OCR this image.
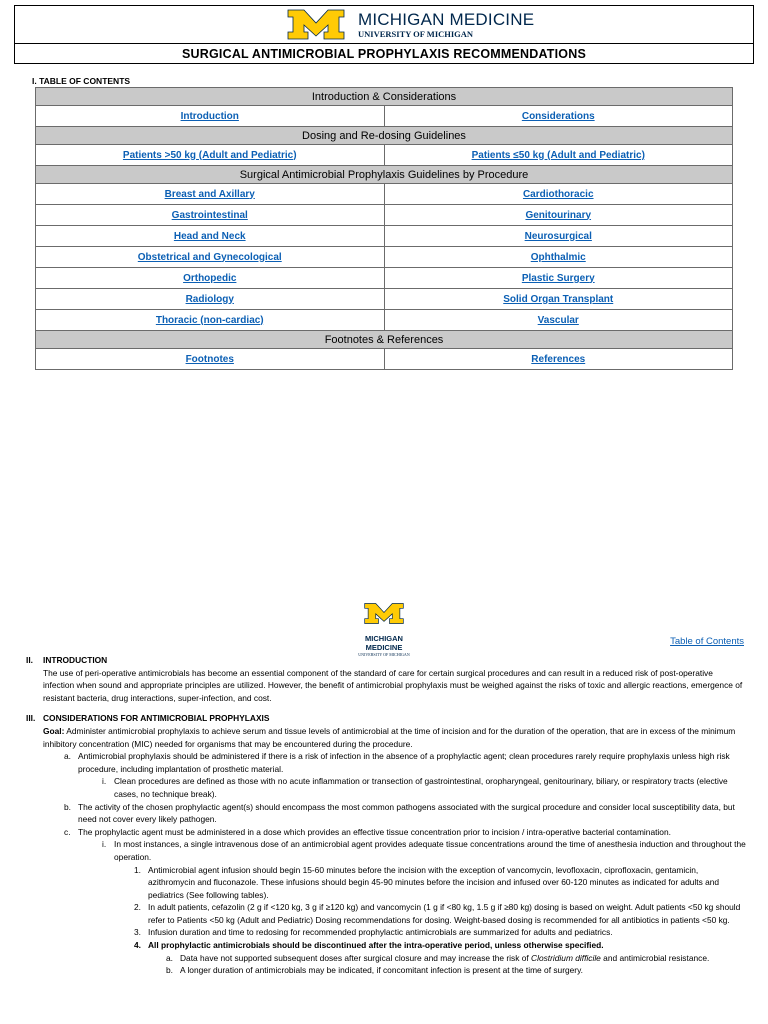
MICHIGAN MEDICINE
UNIVERSITY OF MICHIGAN
SURGICAL ANTIMICROBIAL PROPHYLAXIS RECOMMENDATIONS
I. TABLE OF CONTENTS
Introduction & Considerations	
Introduction	Considerations
Dosing and Re-dosing Guidelines	
Patients >50 kg (Adult and Pediatric)	Patients ≤50 kg (Adult and Pediatric)
Surgical Antimicrobial Prophylaxis Guidelines by Procedure	
Breast and Axillary	Cardiothoracic
Gastrointestinal	Genitourinary
Head and Neck	Neurosurgical
Obstetrical and Gynecological	Ophthalmic
Orthopedic	Plastic Surgery
Radiology	Solid Organ Transplant
Thoracic (non-cardiac)	Vascular
Footnotes & References	
Footnotes	References
MICHIGAN MEDICINE
UNIVERSITY OF MICHIGAN
Table of Contents
II. INTRODUCTION
The use of peri-operative antimicrobials has become an essential component of the standard of care for certain surgical procedures and can result in a reduced risk of post-operative infection when sound and appropriate principles are utilized. However, the benefit of antimicrobial prophylaxis must be weighed against the risks of toxic and allergic reactions, emergence of resistant bacteria, drug interactions, super-infection, and cost.
III. CONSIDERATIONS FOR ANTIMICROBIAL PROPHYLAXIS
Goal: Administer antimicrobial prophylaxis to achieve serum and tissue levels of antimicrobial at the time of incision and for the duration of the operation, that are in excess of the minimum inhibitory concentration (MIC) needed for organisms that may be encountered during the procedure.
a. Antimicrobial prophylaxis should be administered if there is a risk of infection in the absence of a prophylactic agent; clean procedures rarely require prophylaxis unless high risk procedure, including implantation of prosthetic material.
i. Clean procedures are defined as those with no acute inflammation or transection of gastrointestinal, oropharyngeal, genitourinary, biliary, or respiratory tracts (elective cases, no technique break).
b. The activity of the chosen prophylactic agent(s) should encompass the most common pathogens associated with the surgical procedure and consider local susceptibility data, but need not cover every likely pathogen.
c. The prophylactic agent must be administered in a dose which provides an effective tissue concentration prior to incision / intra-operative bacterial contamination.
i. In most instances, a single intravenous dose of an antimicrobial agent provides adequate tissue concentrations around the time of anesthesia induction and throughout the operation.
1. Antimicrobial agent infusion should begin 15-60 minutes before the incision with the exception of vancomycin, levofloxacin, ciprofloxacin, gentamicin, azithromycin and fluconazole. These infusions should begin 45-90 minutes before the incision and infused over 60-120 minutes as indicated for adults and pediatrics (See following tables).
2. In adult patients, cefazolin (2 g if <120 kg, 3 g if ≥120 kg) and vancomycin (1 g if <80 kg, 1.5 g if ≥80 kg) dosing is based on weight. Adult patients <50 kg should refer to Patients <50 kg (Adult and Pediatric) Dosing recommendations for dosing. Weight-based dosing is recommended for all antibiotics in patients <50 kg.
3. Infusion duration and time to redosing for recommended prophylactic antimicrobials are summarized for adults and pediatrics.
4. All prophylactic antimicrobials should be discontinued after the intra-operative period, unless otherwise specified.
a. Data have not supported subsequent doses after surgical closure and may increase the risk of Clostridium difficile and antimicrobial resistance.
b. A longer duration of antimicrobials may be indicated, if concomitant infection is present at the time of surgery.
